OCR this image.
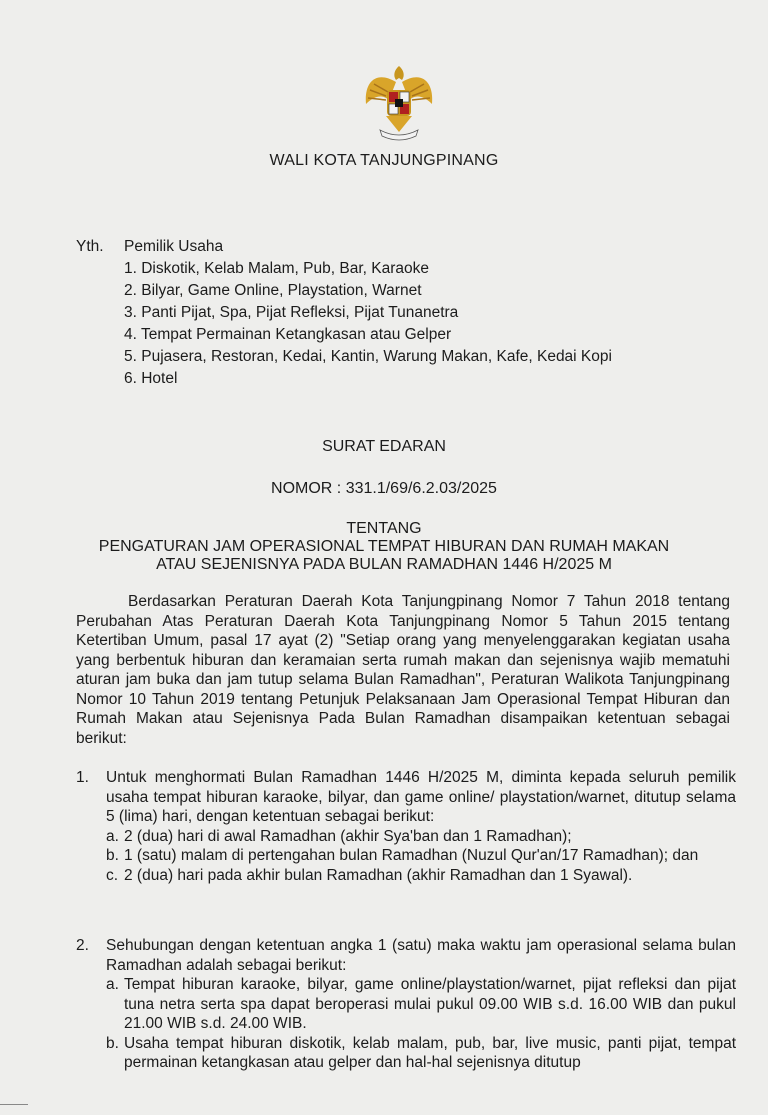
WALI KOTA TANJUNGPINANG
Yth. Pemilik Usaha
1. Diskotik, Kelab Malam, Pub, Bar, Karaoke
2. Bilyar, Game Online, Playstation, Warnet
3. Panti Pijat, Spa, Pijat Refleksi, Pijat Tunanetra
4. Tempat Permainan Ketangkasan atau Gelper
5. Pujasera, Restoran, Kedai, Kantin, Warung Makan, Kafe, Kedai Kopi
6. Hotel
SURAT EDARAN
NOMOR : 331.1/69/6.2.03/2025
TENTANG
PENGATURAN JAM OPERASIONAL TEMPAT HIBURAN DAN RUMAH MAKAN
ATAU SEJENISNYA PADA BULAN RAMADHAN 1446 H/2025 M
Berdasarkan Peraturan Daerah Kota Tanjungpinang Nomor 7 Tahun 2018 tentang Perubahan Atas Peraturan Daerah Kota Tanjungpinang Nomor 5 Tahun 2015 tentang Ketertiban Umum, pasal 17 ayat (2) "Setiap orang yang menyelenggarakan kegiatan usaha yang berbentuk hiburan dan keramaian serta rumah makan dan sejenisnya wajib mematuhi aturan jam buka dan jam tutup selama Bulan Ramadhan", Peraturan Walikota Tanjungpinang Nomor 10 Tahun 2019 tentang Petunjuk Pelaksanaan Jam Operasional Tempat Hiburan dan Rumah Makan atau Sejenisnya Pada Bulan Ramadhan disampaikan ketentuan sebagai berikut:
1. Untuk menghormati Bulan Ramadhan 1446 H/2025 M, diminta kepada seluruh pemilik usaha tempat hiburan karaoke, bilyar, dan game online/ playstation/warnet, ditutup selama 5 (lima) hari, dengan ketentuan sebagai berikut:
a. 2 (dua) hari di awal Ramadhan (akhir Sya'ban dan 1 Ramadhan);
b. 1 (satu) malam di pertengahan bulan Ramadhan (Nuzul Qur'an/17 Ramadhan); dan
c. 2 (dua) hari pada akhir bulan Ramadhan (akhir Ramadhan dan 1 Syawal).
2. Sehubungan dengan ketentuan angka 1 (satu) maka waktu jam operasional selama bulan Ramadhan adalah sebagai berikut:
a. Tempat hiburan karaoke, bilyar, game online/playstation/warnet, pijat refleksi dan pijat tuna netra serta spa dapat beroperasi mulai pukul 09.00 WIB s.d. 16.00 WIB dan pukul 21.00 WIB s.d. 24.00 WIB.
b. Usaha tempat hiburan diskotik, kelab malam, pub, bar, live music, panti pijat, tempat permainan ketangkasan atau gelper dan hal-hal sejenisnya ditutup
